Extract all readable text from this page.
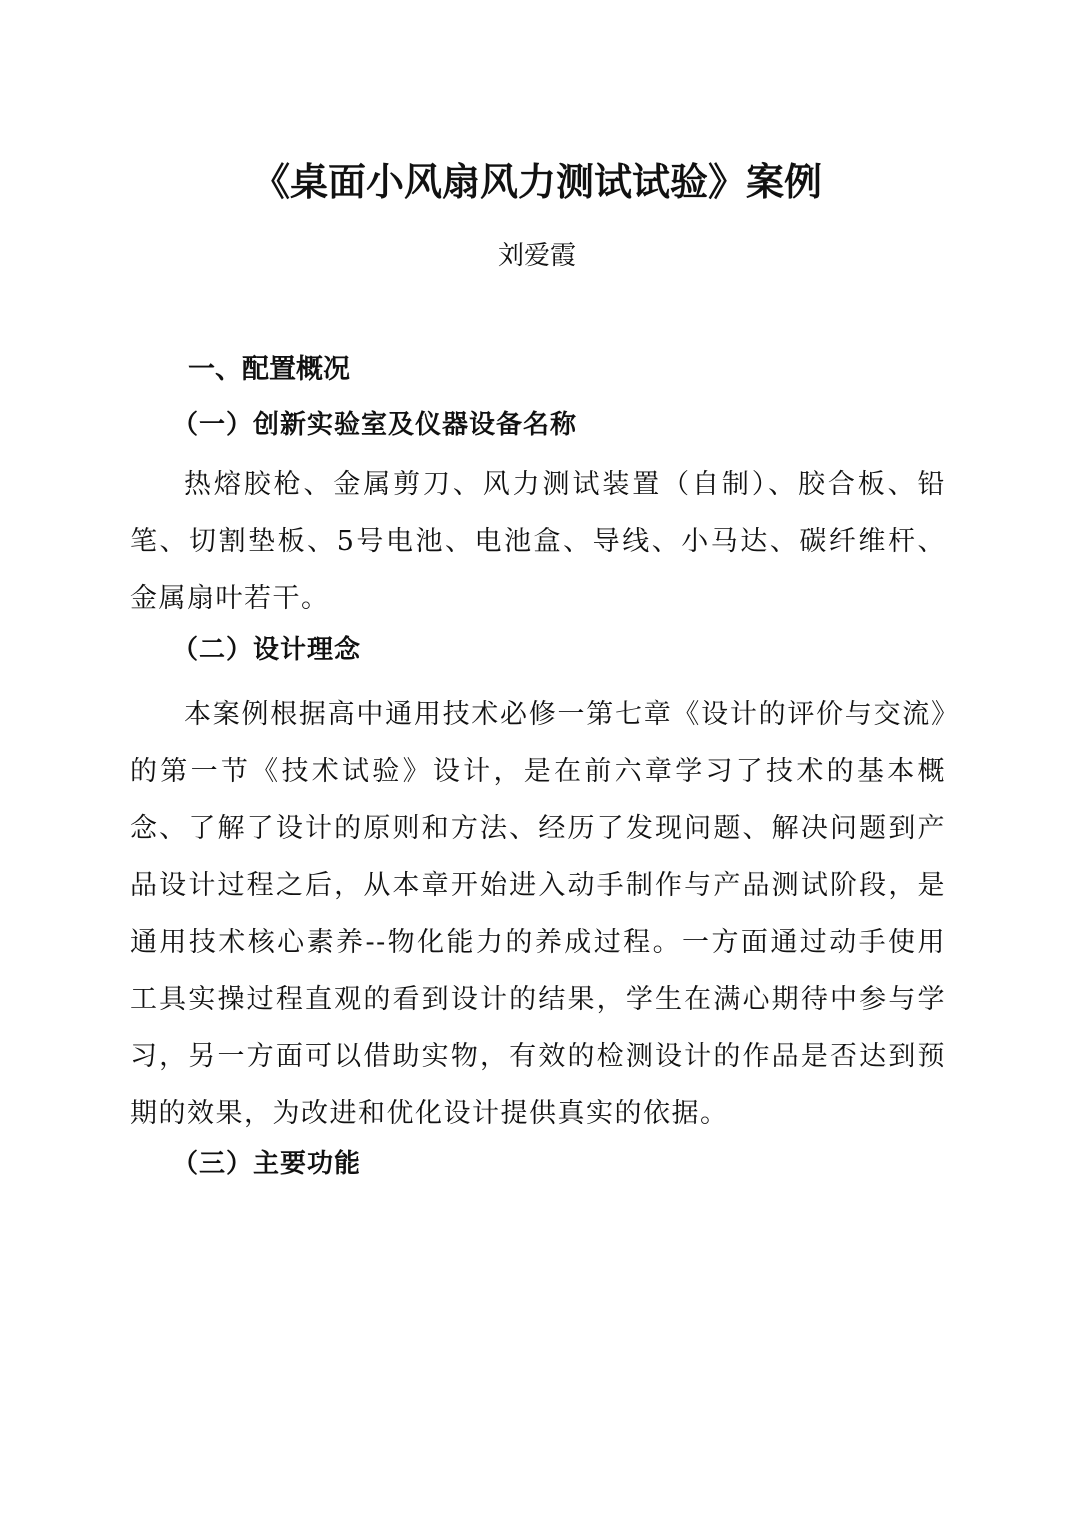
《桌面小风扇风力测试试验》案例

刘爱霞

一、配置概况
（一）创新实验室及仪器设备名称

热熔胶枪、金属剪刀、风力测试装置（自制）、胶合板、铅笔、切割垫板、5号电池、电池盒、导线、小马达、碳纤维杆、金属扇叶若干。

（二）设计理念

本案例根据高中通用技术必修一第七章《设计的评价与交流》的第一节《技术试验》设计，是在前六章学习了技术的基本概念、了解了设计的原则和方法、经历了发现问题、解决问题到产品设计过程之后，从本章开始进入动手制作与产品测试阶段，是通用技术核心素养--物化能力的养成过程。一方面通过动手使用工具实操过程直观的看到设计的结果，学生在满心期待中参与学习，另一方面可以借助实物，有效的检测设计的作品是否达到预期的效果，为改进和优化设计提供真实的依据。

（三）主要功能
